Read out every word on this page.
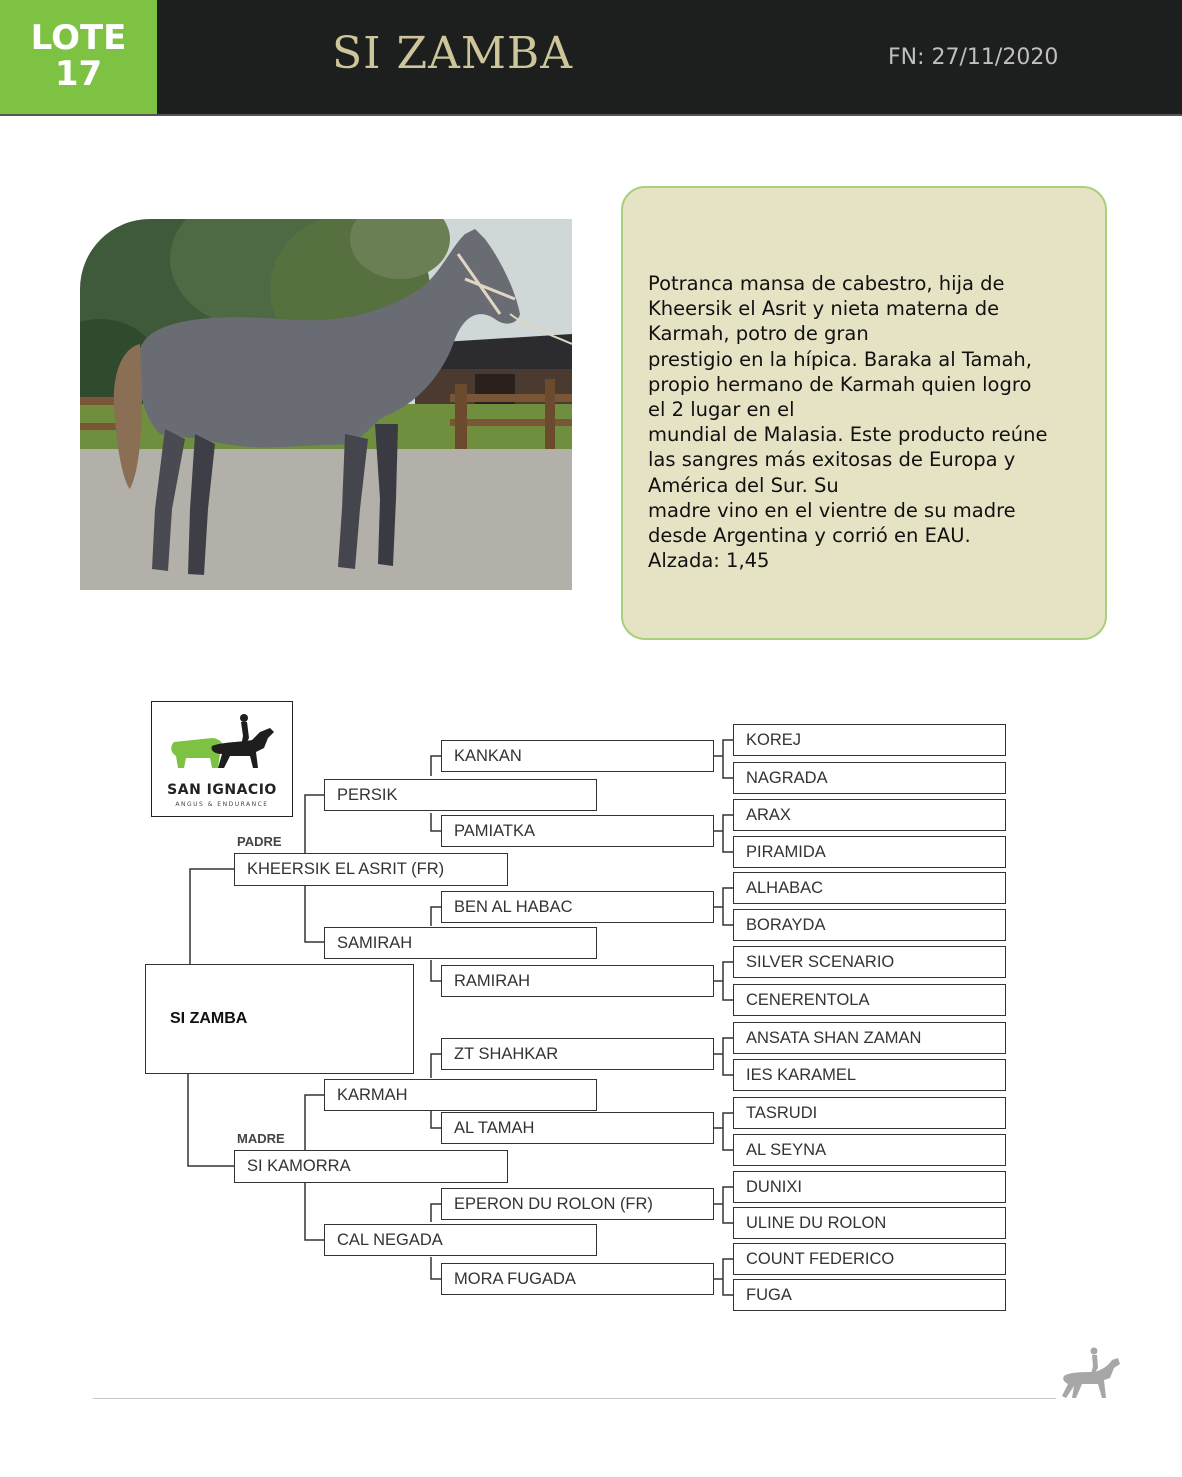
LOTE
17	SI ZAMBA	FN: 27/11/2020
Potranca mansa de cabestro, hija de
Kheersik el Asrit y nieta materna de
Karmah, potro de gran
prestigio en la hípica. Baraka al Tamah,
propio hermano de Karmah quien logro
el 2 lugar en el
mundial de Malasia. Este producto reúne
las sangres más exitosas de Europa y
América del Sur. Su
madre vino en el vientre de su madre
desde Argentina y corrió en EAU.
Alzada: 1,45
SAN IGNACIO
ANGUS & ENDURANCE
PADRE
MADRE
SI ZAMBA
KHEERSIK EL ASRIT (FR)
SI KAMORRA
PERSIK
SAMIRAH
KARMAH
CAL NEGADA
KANKAN
PAMIATKA
BEN AL HABAC
RAMIRAH
ZT SHAHKAR
AL TAMAH
EPERON DU ROLON (FR)
MORA FUGADA
KOREJ
NAGRADA
ARAX
PIRAMIDA
ALHABAC
BORAYDA
SILVER SCENARIO
CENERENTOLA
ANSATA SHAN ZAMAN
IES KARAMEL
TASRUDI
AL SEYNA
DUNIXI
ULINE DU ROLON
COUNT FEDERICO
FUGA
